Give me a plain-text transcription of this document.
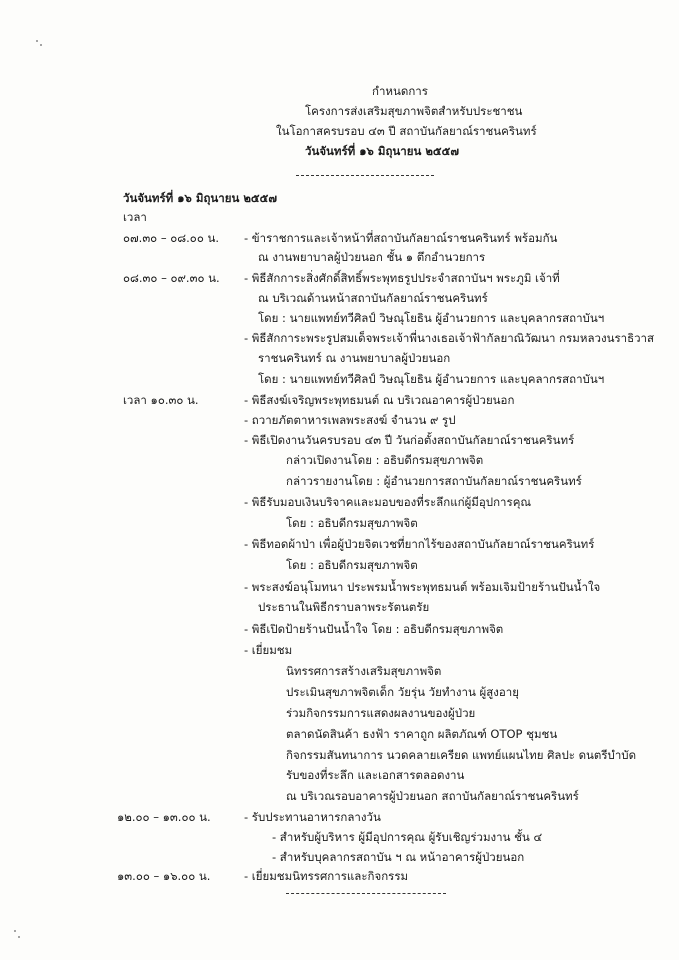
กำหนดการ
โครงการส่งเสริมสุขภาพจิตสำหรับประชาชน
ในโอกาสครบรอบ ๔๓ ปี สถาบันกัลยาณ์ราชนครินทร์
วันจันทร์ที่ ๑๖ มิถุนายน ๒๕๕๗
วันจันทร์ที่ ๑๖ มิถุนายน ๒๕๕๗
เวลา
๐๗.๓๐ – ๐๘.๐๐ น. - ข้าราชการและเจ้าหน้าที่สถาบันกัลยาณ์ราชนครินทร์ พร้อมกัน
ณ งานพยาบาลผู้ป่วยนอก ชั้น ๑ ตึกอำนวยการ
๐๘.๓๐ – ๐๙.๓๐ น. - พิธีสักการะสิ่งศักดิ์สิทธิ์พระพุทธรูปประจำสถาบันฯ พระภูมิ เจ้าที่
ณ บริเวณด้านหน้าสถาบันกัลยาณ์ราชนครินทร์
โดย : นายแพทย์ทวีศิลป์ วิษณุโยธิน ผู้อำนวยการ และบุคลากรสถาบันฯ
- พิธีสักการะพระรูปสมเด็จพระเจ้าพี่นางเธอเจ้าฟ้ากัลยาณิวัฒนา กรมหลวงนราธิวาส
ราชนครินทร์ ณ งานพยาบาลผู้ป่วยนอก
โดย : นายแพทย์ทวีศิลป์ วิษณุโยธิน ผู้อำนวยการ และบุคลากรสถาบันฯ
เวลา ๑๐.๓๐ น.	- พิธีสงฆ์เจริญพระพุทธมนต์ ณ บริเวณอาคารผู้ป่วยนอก
- ถวายภัตตาหารเพลพระสงฆ์ จำนวน ๙ รูป
- พิธีเปิดงานวันครบรอบ ๔๓ ปี วันก่อตั้งสถาบันกัลยาณ์ราชนครินทร์
กล่าวเปิดงานโดย : อธิบดีกรมสุขภาพจิต
กล่าวรายงานโดย : ผู้อำนวยการสถาบันกัลยาณ์ราชนครินทร์
- พิธีรับมอบเงินบริจาคและมอบของที่ระลึกแก่ผู้มีอุปการคุณ
โดย : อธิบดีกรมสุขภาพจิต
- พิธีทอดผ้าป่า เพื่อผู้ป่วยจิตเวชที่ยากไร้ของสถาบันกัลยาณ์ราชนครินทร์
โดย : อธิบดีกรมสุขภาพจิต
- พระสงฆ์อนุโมทนา ประพรมน้ำพระพุทธมนต์ พร้อมเจิมป้ายร้านปันน้ำใจ
ประธานในพิธีกราบลาพระรัตนตรัย
- พิธีเปิดป้ายร้านปันน้ำใจ โดย : อธิบดีกรมสุขภาพจิต
- เยี่ยมชม
นิทรรศการสร้างเสริมสุขภาพจิต
ประเมินสุขภาพจิตเด็ก วัยรุ่น วัยทำงาน ผู้สูงอายุ
ร่วมกิจกรรมการแสดงผลงานของผู้ป่วย
ตลาดนัดสินค้า ธงฟ้า ราคาถูก ผลิตภัณฑ์ OTOP ชุมชน
กิจกรรมสันทนาการ นวดคลายเครียด แพทย์แผนไทย ศิลปะ ดนตรีบำบัด
รับของที่ระลึก และเอกสารตลอดงาน
ณ บริเวณรอบอาคารผู้ป่วยนอก สถาบันกัลยาณ์ราชนครินทร์
๑๒.๐๐ – ๑๓.๐๐ น.	- รับประทานอาหารกลางวัน
- สำหรับผู้บริหาร ผู้มีอุปการคุณ ผู้รับเชิญร่วมงาน ชั้น ๔
- สำหรับบุคลากรสถาบัน ฯ ณ หน้าอาคารผู้ป่วยนอก
๑๓.๐๐ – ๑๖.๐๐ น.	- เยี่ยมชมนิทรรศการและกิจกรรม
